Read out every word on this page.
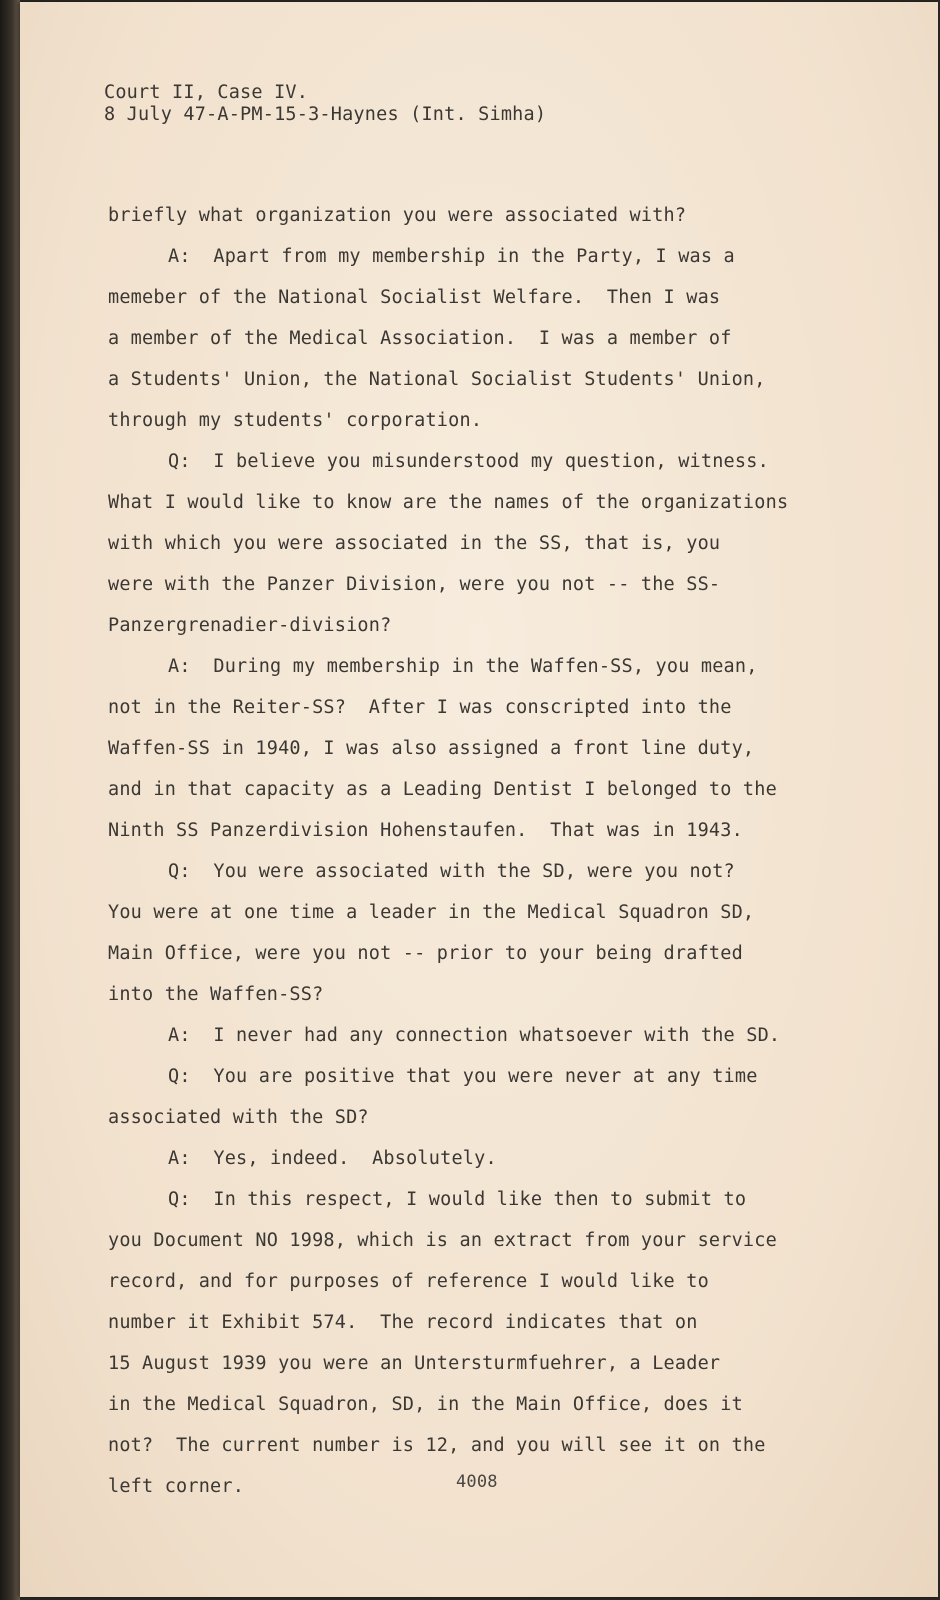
Court II, Case IV.
8 July 47-A-PM-15-3-Haynes (Int. Simha)
briefly what organization you were associated with?
A:  Apart from my membership in the Party, I was a
memeber of the National Socialist Welfare.  Then I was
a member of the Medical Association.  I was a member of
a Students' Union, the National Socialist Students' Union,
through my students' corporation.
Q:  I believe you misunderstood my question, witness.
What I would like to know are the names of the organizations
with which you were associated in the SS, that is, you
were with the Panzer Division, were you not -- the SS-
Panzergrenadier-division?
A:  During my membership in the Waffen-SS, you mean,
not in the Reiter-SS?  After I was conscripted into the
Waffen-SS in 1940, I was also assigned a front line duty,
and in that capacity as a Leading Dentist I belonged to the
Ninth SS Panzerdivision Hohenstaufen.  That was in 1943.
Q:  You were associated with the SD, were you not?
You were at one time a leader in the Medical Squadron SD,
Main Office, were you not -- prior to your being drafted
into the Waffen-SS?
A:  I never had any connection whatsoever with the SD.
Q:  You are positive that you were never at any time
associated with the SD?
A:  Yes, indeed.  Absolutely.
Q:  In this respect, I would like then to submit to
you Document NO 1998, which is an extract from your service
record, and for purposes of reference I would like to
number it Exhibit 574.  The record indicates that on
15 August 1939 you were an Untersturmfuehrer, a Leader
in the Medical Squadron, SD, in the Main Office, does it
not?  The current number is 12, and you will see it on the
left corner.	4008
